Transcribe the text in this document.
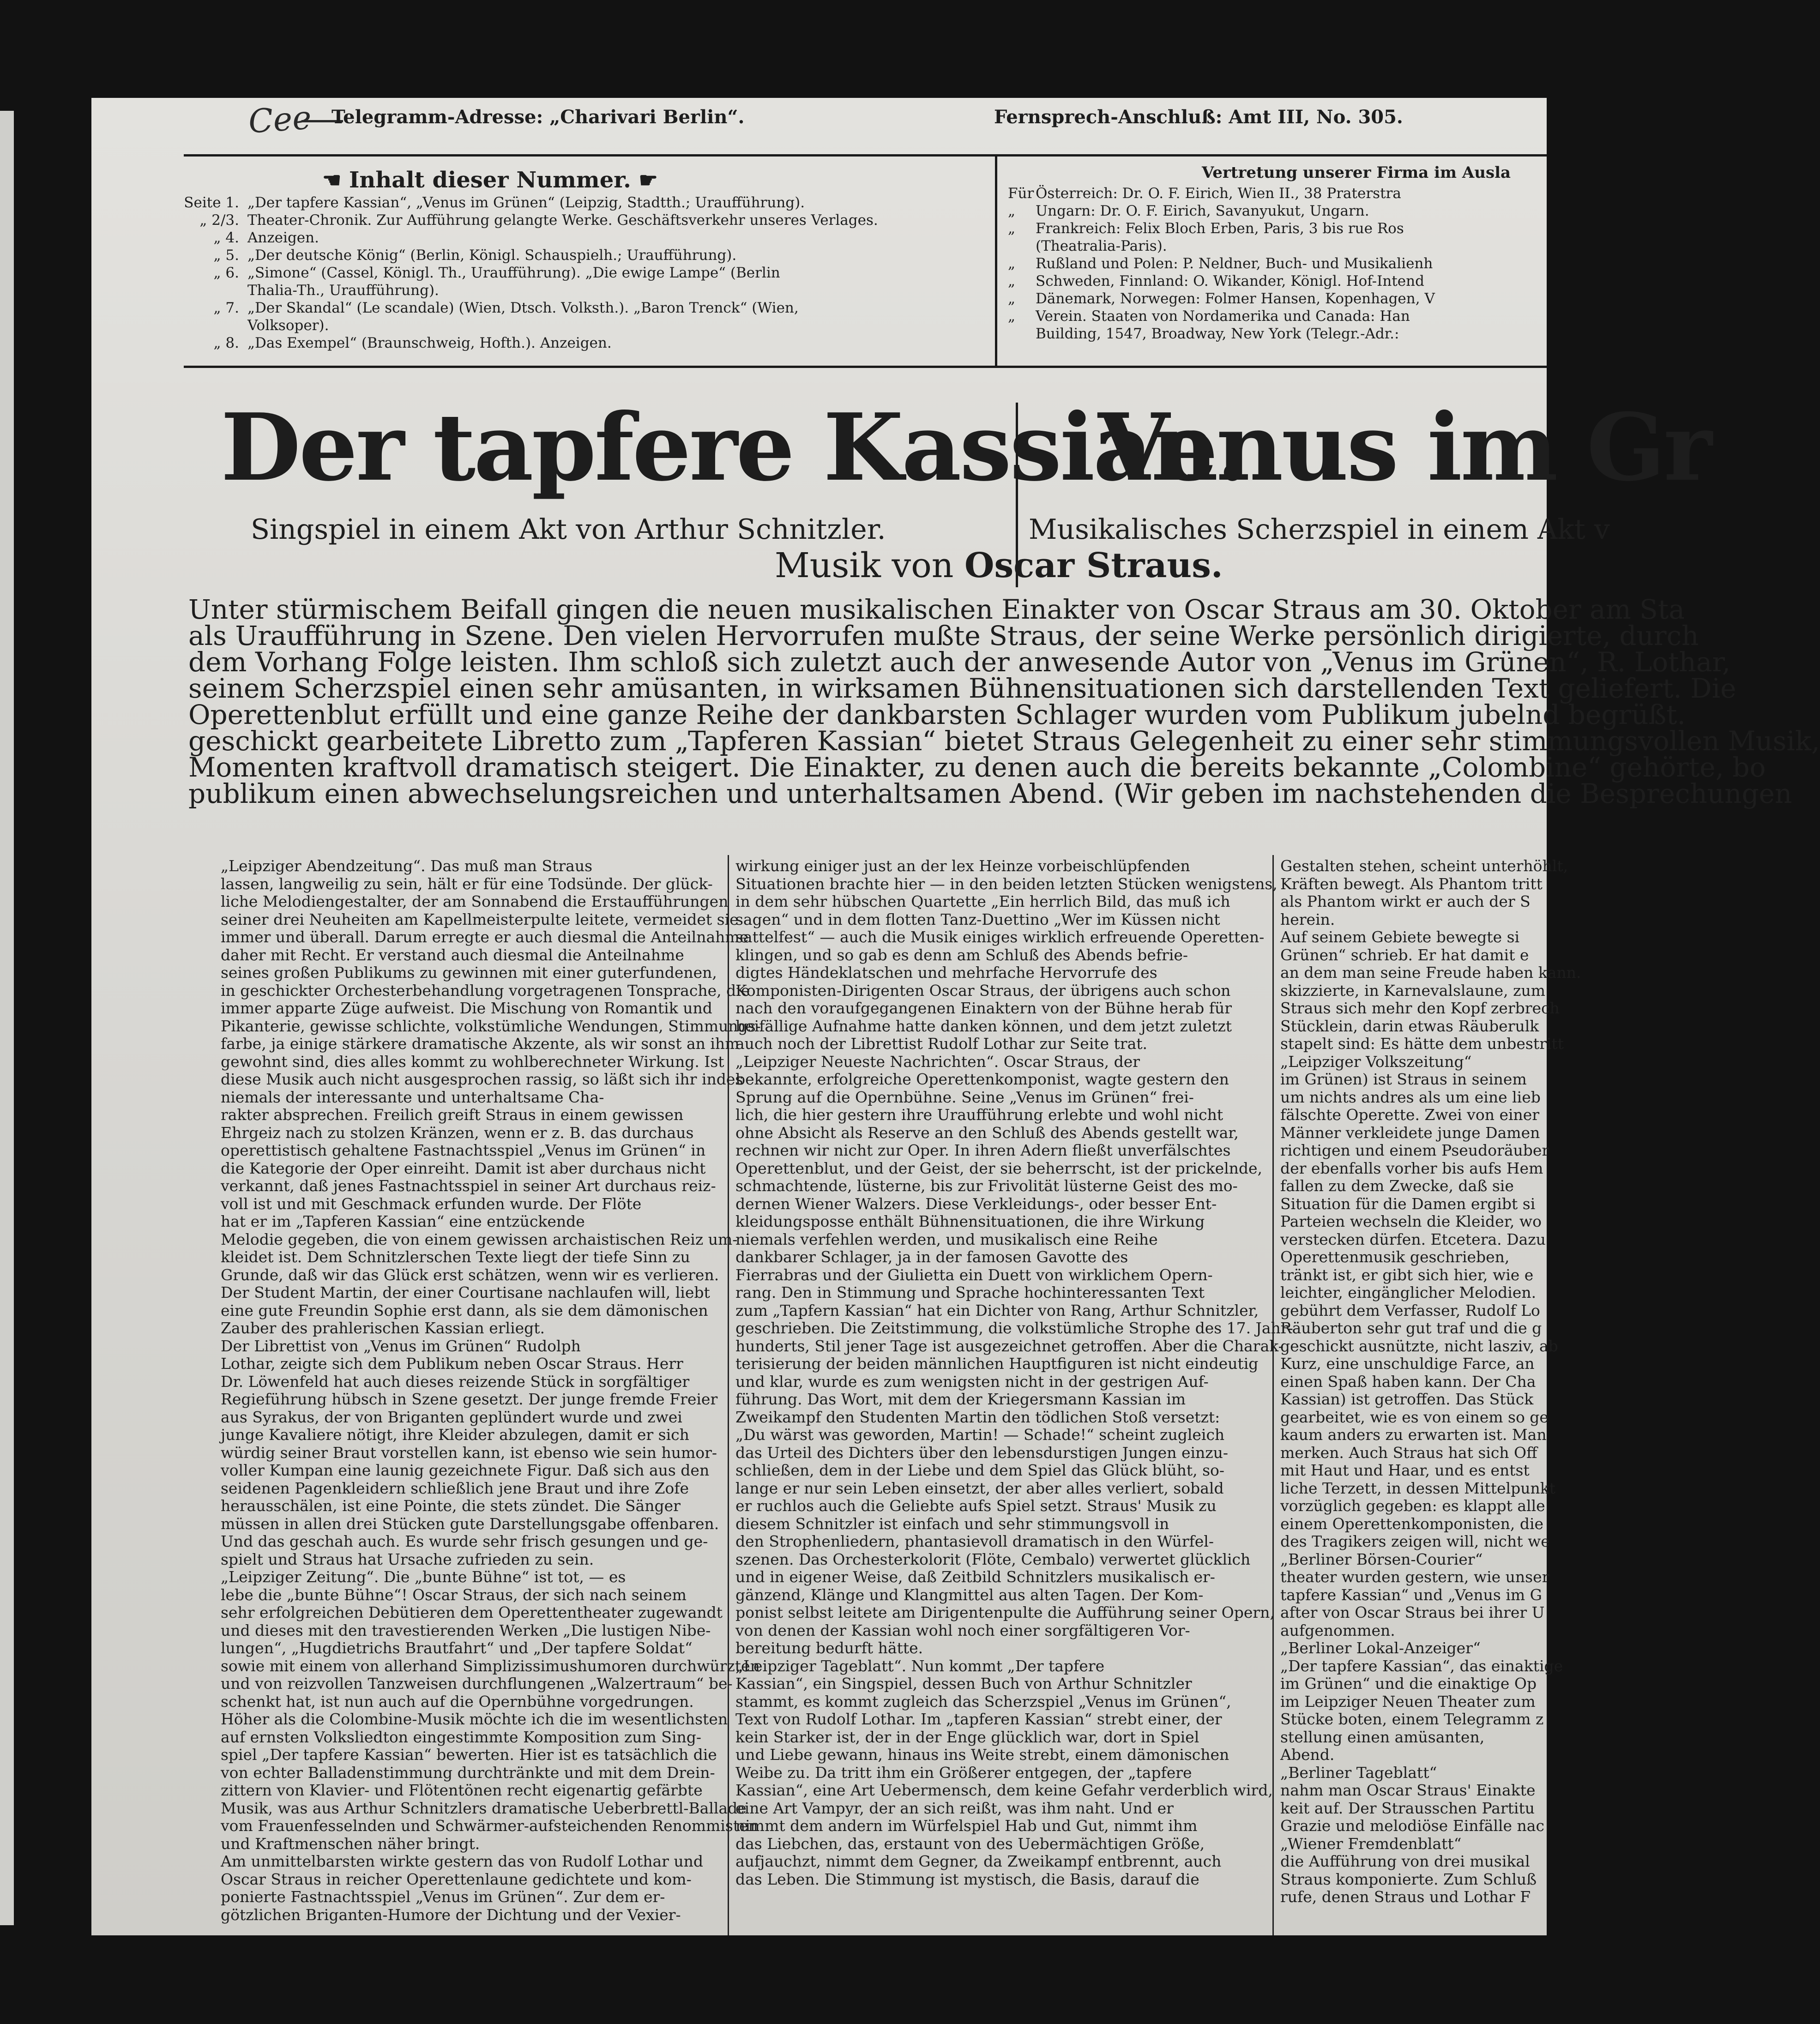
Cee Telegramm-Adresse: „Charivari Berlin“.	Fernsprech-Anschluß: Amt III, No. 305.
☚ Inhalt dieser Nummer. ☛
Seite 1. „Der tapfere Kassian“, „Venus im Grünen“ (Leipzig, Stadtth.; Uraufführung).
„ 2/3. Theater-Chronik. Zur Aufführung gelangte Werke. Geschäftsverkehr unseres Verlages.
„ 4. Anzeigen.
„ 5. „Der deutsche König“ (Berlin, Königl. Schauspielh.; Uraufführung).
„ 6. „Simone“ (Cassel, Königl. Th., Uraufführung). „Die ewige Lampe“ (Berlin
Thalia-Th., Uraufführung).
„ 7. „Der Skandal“ (Le scandale) (Wien, Dtsch. Volksth.). „Baron Trenck“ (Wien,
Volksoper).
„ 8. „Das Exempel“ (Braunschweig, Hofth.). Anzeigen.
Vertretung unserer Firma im Ausla
Für Österreich: Dr. O. F. Eirich, Wien II., 38 Praterstra
„ Ungarn: Dr. O. F. Eirich, Savanyukut, Ungarn.
„ Frankreich: Felix Bloch Erben, Paris, 3 bis rue Ros
(Theatralia-Paris).
„ Rußland und Polen: P. Neldner, Buch- und Musikalienh
„ Schweden, Finnland: O. Wikander, Königl. Hof-Intend
„ Dänemark, Norwegen: Folmer Hansen, Kopenhagen, V
„ Verein. Staaten von Nordamerika und Canada: Han
Building, 1547, Broadway, New York (Telegr.-Adr.:
Der tapfere Kassian.
Venus im Gr
Singspiel in einem Akt von Arthur Schnitzler.	Musikalisches Scherzspiel in einem Akt v
Musik von Oscar Straus.
Unter stürmischem Beifall gingen die neuen musikalischen Einakter von Oscar Straus am 30. Oktober am Sta
als Uraufführung in Szene. Den vielen Hervorrufen mußte Straus, der seine Werke persönlich dirigierte, durch
dem Vorhang Folge leisten. Ihm schloß sich zuletzt auch der anwesende Autor von „Venus im Grünen“, R. Lothar,
seinem Scherzspiel einen sehr amüsanten, in wirksamen Bühnensituationen sich darstellenden Text geliefert. Die
Operettenblut erfüllt und eine ganze Reihe der dankbarsten Schlager wurden vom Publikum jubelnd begrüßt.
geschickt gearbeitete Libretto zum „Tapferen Kassian“ bietet Straus Gelegenheit zu einer sehr stimmungsvollen Musik,
Momenten kraftvoll dramatisch steigert. Die Einakter, zu denen auch die bereits bekannte „Colombine“ gehörte, bo
publikum einen abwechselungsreichen und unterhaltsamen Abend. (Wir geben im nachstehenden die Besprechungen
„Leipziger Abendzeitung“. Das muß man Straus
lassen, langweilig zu sein, hält er für eine Todsünde. Der glück-
liche Melodiengestalter, der am Sonnabend die Erstaufführungen
seiner drei Neuheiten am Kapellmeisterpulte leitete, vermeidet sie
immer und überall. Darum erregte er auch diesmal die Anteilnahme
daher mit Recht. Er verstand auch diesmal die Anteilnahme
seines großen Publikums zu gewinnen mit einer guterfundenen,
in geschickter Orchesterbehandlung vorgetragenen Tonsprache, die
immer apparte Züge aufweist. Die Mischung von Romantik und
Pikanterie, gewisse schlichte, volkstümliche Wendungen, Stimmungs-
farbe, ja einige stärkere dramatische Akzente, als wir sonst an ihm
gewohnt sind, dies alles kommt zu wohlberechneter Wirkung. Ist
diese Musik auch nicht ausgesprochen rassig, so läßt sich ihr indes
niemals der interessante und unterhaltsame Cha-
rakter absprechen. Freilich greift Straus in einem gewissen
Ehrgeiz nach zu stolzen Kränzen, wenn er z. B. das durchaus
operettistisch gehaltene Fastnachtsspiel „Venus im Grünen“ in
die Kategorie der Oper einreiht. Damit ist aber durchaus nicht
verkannt, daß jenes Fastnachtsspiel in seiner Art durchaus reiz-
voll ist und mit Geschmack erfunden wurde. Der Flöte
hat er im „Tapferen Kassian“ eine entzückende
Melodie gegeben, die von einem gewissen archaistischen Reiz um-
kleidet ist. Dem Schnitzlerschen Texte liegt der tiefe Sinn zu
Grunde, daß wir das Glück erst schätzen, wenn wir es verlieren.
Der Student Martin, der einer Courtisane nachlaufen will, liebt
eine gute Freundin Sophie erst dann, als sie dem dämonischen
Zauber des prahlerischen Kassian erliegt.
Der Librettist von „Venus im Grünen“ Rudolph
Lothar, zeigte sich dem Publikum neben Oscar Straus. Herr
Dr. Löwenfeld hat auch dieses reizende Stück in sorgfältiger
Regieführung hübsch in Szene gesetzt. Der junge fremde Freier
aus Syrakus, der von Briganten geplündert wurde und zwei
junge Kavaliere nötigt, ihre Kleider abzulegen, damit er sich
würdig seiner Braut vorstellen kann, ist ebenso wie sein humor-
voller Kumpan eine launig gezeichnete Figur. Daß sich aus den
seidenen Pagenkleidern schließlich jene Braut und ihre Zofe
herausschälen, ist eine Pointe, die stets zündet. Die Sänger
müssen in allen drei Stücken gute Darstellungsgabe offenbaren.
Und das geschah auch. Es wurde sehr frisch gesungen und ge-
spielt und Straus hat Ursache zufrieden zu sein.
„Leipziger Zeitung“. Die „bunte Bühne“ ist tot, — es
lebe die „bunte Bühne“! Oscar Straus, der sich nach seinem
sehr erfolgreichen Debütieren dem Operettentheater zugewandt
und dieses mit den travestierenden Werken „Die lustigen Nibe-
lungen“, „Hugdietrichs Brautfahrt“ und „Der tapfere Soldat“
sowie mit einem von allerhand Simplizissimushumoren durchwürzten
und von reizvollen Tanzweisen durchflungenen „Walzertraum“ be-
schenkt hat, ist nun auch auf die Opernbühne vorgedrungen.
Höher als die Colombine-Musik möchte ich die im wesentlichsten
auf ernsten Volksliedton eingestimmte Komposition zum Sing-
spiel „Der tapfere Kassian“ bewerten. Hier ist es tatsächlich die
von echter Balladenstimmung durchtränkte und mit dem Drein-
zittern von Klavier- und Flötentönen recht eigenartig gefärbte
Musik, was aus Arthur Schnitzlers dramatische Ueberbrettl-Ballade
vom Frauenfesselnden und Schwärmer-aufsteichenden Renommisten
und Kraftmenschen näher bringt.
Am unmittelbarsten wirkte gestern das von Rudolf Lothar und
Oscar Straus in reicher Operettenlaune gedichtete und kom-
ponierte Fastnachtsspiel „Venus im Grünen“. Zur dem er-
götzlichen Briganten-Humore der Dichtung und der Vexier-
wirkung einiger just an der lex Heinze vorbeischlüpfenden
Situationen brachte hier — in den beiden letzten Stücken wenigstens,
in dem sehr hübschen Quartette „Ein herrlich Bild, das muß ich
sagen“ und in dem flotten Tanz-Duettino „Wer im Küssen nicht
sattelfest“ — auch die Musik einiges wirklich erfreuende Operetten-
klingen, und so gab es denn am Schluß des Abends befrie-
digtes Händeklatschen und mehrfache Hervorrufe des
Komponisten-Dirigenten Oscar Straus, der übrigens auch schon
nach den voraufgegangenen Einaktern von der Bühne herab für
beifällige Aufnahme hatte danken können, und dem jetzt zuletzt
auch noch der Librettist Rudolf Lothar zur Seite trat.
„Leipziger Neueste Nachrichten“. Oscar Straus, der
bekannte, erfolgreiche Operettenkomponist, wagte gestern den
Sprung auf die Opernbühne. Seine „Venus im Grünen“ frei-
lich, die hier gestern ihre Uraufführung erlebte und wohl nicht
ohne Absicht als Reserve an den Schluß des Abends gestellt war,
rechnen wir nicht zur Oper. In ihren Adern fließt unverfälschtes
Operettenblut, und der Geist, der sie beherrscht, ist der prickelnde,
schmachtende, lüsterne, bis zur Frivolität lüsterne Geist des mo-
dernen Wiener Walzers. Diese Verkleidungs-, oder besser Ent-
kleidungsposse enthält Bühnensituationen, die ihre Wirkung
niemals verfehlen werden, und musikalisch eine Reihe
dankbarer Schlager, ja in der famosen Gavotte des
Fierrabras und der Giulietta ein Duett von wirklichem Opern-
rang. Den in Stimmung und Sprache hochinteressanten Text
zum „Tapfern Kassian“ hat ein Dichter von Rang, Arthur Schnitzler,
geschrieben. Die Zeitstimmung, die volkstümliche Strophe des 17. Jahr-
hunderts, Stil jener Tage ist ausgezeichnet getroffen. Aber die Charak-
terisierung der beiden männlichen Hauptfiguren ist nicht eindeutig
und klar, wurde es zum wenigsten nicht in der gestrigen Auf-
führung. Das Wort, mit dem der Kriegersmann Kassian im
Zweikampf den Studenten Martin den tödlichen Stoß versetzt:
„Du wärst was geworden, Martin! — Schade!“ scheint zugleich
das Urteil des Dichters über den lebensdurstigen Jungen einzu-
schließen, dem in der Liebe und dem Spiel das Glück blüht, so-
lange er nur sein Leben einsetzt, der aber alles verliert, sobald
er ruchlos auch die Geliebte aufs Spiel setzt. Straus' Musik zu
diesem Schnitzler ist einfach und sehr stimmungsvoll in
den Strophenliedern, phantasievoll dramatisch in den Würfel-
szenen. Das Orchesterkolorit (Flöte, Cembalo) verwertet glücklich
und in eigener Weise, daß Zeitbild Schnitzlers musikalisch er-
gänzend, Klänge und Klangmittel aus alten Tagen. Der Kom-
ponist selbst leitete am Dirigentenpulte die Aufführung seiner Opern,
von denen der Kassian wohl noch einer sorgfältigeren Vor-
bereitung bedurft hätte.
„Leipziger Tageblatt“. Nun kommt „Der tapfere
Kassian“, ein Singspiel, dessen Buch von Arthur Schnitzler
stammt, es kommt zugleich das Scherzspiel „Venus im Grünen“,
Text von Rudolf Lothar. Im „tapferen Kassian“ strebt einer, der
kein Starker ist, der in der Enge glücklich war, dort in Spiel
und Liebe gewann, hinaus ins Weite strebt, einem dämonischen
Weibe zu. Da tritt ihm ein Größerer entgegen, der „tapfere
Kassian“, eine Art Uebermensch, dem keine Gefahr verderblich wird,
eine Art Vampyr, der an sich reißt, was ihm naht. Und er
nimmt dem andern im Würfelspiel Hab und Gut, nimmt ihm
das Liebchen, das, erstaunt von des Uebermächtigen Größe,
aufjauchzt, nimmt dem Gegner, da Zweikampf entbrennt, auch
das Leben. Die Stimmung ist mystisch, die Basis, darauf die
Gestalten stehen, scheint unterhöhlt,
Kräften bewegt. Als Phantom tritt
als Phantom wirkt er auch der S
herein.
Auf seinem Gebiete bewegte si
Grünen“ schrieb. Er hat damit e
an dem man seine Freude haben kann.
skizzierte, in Karnevalslaune, zum
Straus sich mehr den Kopf zerbrech
Stücklein, darin etwas Räuberulk
stapelt sind: Es hätte dem unbestritt
„Leipziger Volkszeitung“
im Grünen) ist Straus in seinem
um nichts andres als um eine lieb
fälschte Operette. Zwei von einer
Männer verkleidete junge Damen
richtigen und einem Pseudoräuber
der ebenfalls vorher bis aufs Hem
fallen zu dem Zwecke, daß sie
Situation für die Damen ergibt si
Parteien wechseln die Kleider, wo
verstecken dürfen. Etcetera. Dazu
Operettenmusik geschrieben,
tränkt ist, er gibt sich hier, wie e
leichter, eingänglicher Melodien.
gebührt dem Verfasser, Rudolf Lo
Räuberton sehr gut traf und die g
geschickt ausnützte, nicht lasziv, ab
Kurz, eine unschuldige Farce, an
einen Spaß haben kann. Der Cha
Kassian) ist getroffen. Das Stück
gearbeitet, wie es von einem so ge
kaum anders zu erwarten ist. Man
merken. Auch Straus hat sich Off
mit Haut und Haar, und es entst
liche Terzett, in dessen Mittelpunkt
vorzüglich gegeben: es klappt alle
einem Operettenkomponisten, die
des Tragikers zeigen will, nicht we
„Berliner Börsen-Courier“
theater wurden gestern, wie unser
tapfere Kassian“ und „Venus im G
after von Oscar Straus bei ihrer U
aufgenommen.
„Berliner Lokal-Anzeiger“
„Der tapfere Kassian“, das einaktige
im Grünen“ und die einaktige Op
im Leipziger Neuen Theater zum
Stücke boten, einem Telegramm z
stellung einen amüsanten,
Abend.
„Berliner Tageblatt“
nahm man Oscar Straus' Einakte
keit auf. Der Strausschen Partitu
Grazie und melodiöse Einfälle nac
„Wiener Fremdenblatt“
die Aufführung von drei musikal
Straus komponierte. Zum Schluß
rufe, denen Straus und Lothar F
